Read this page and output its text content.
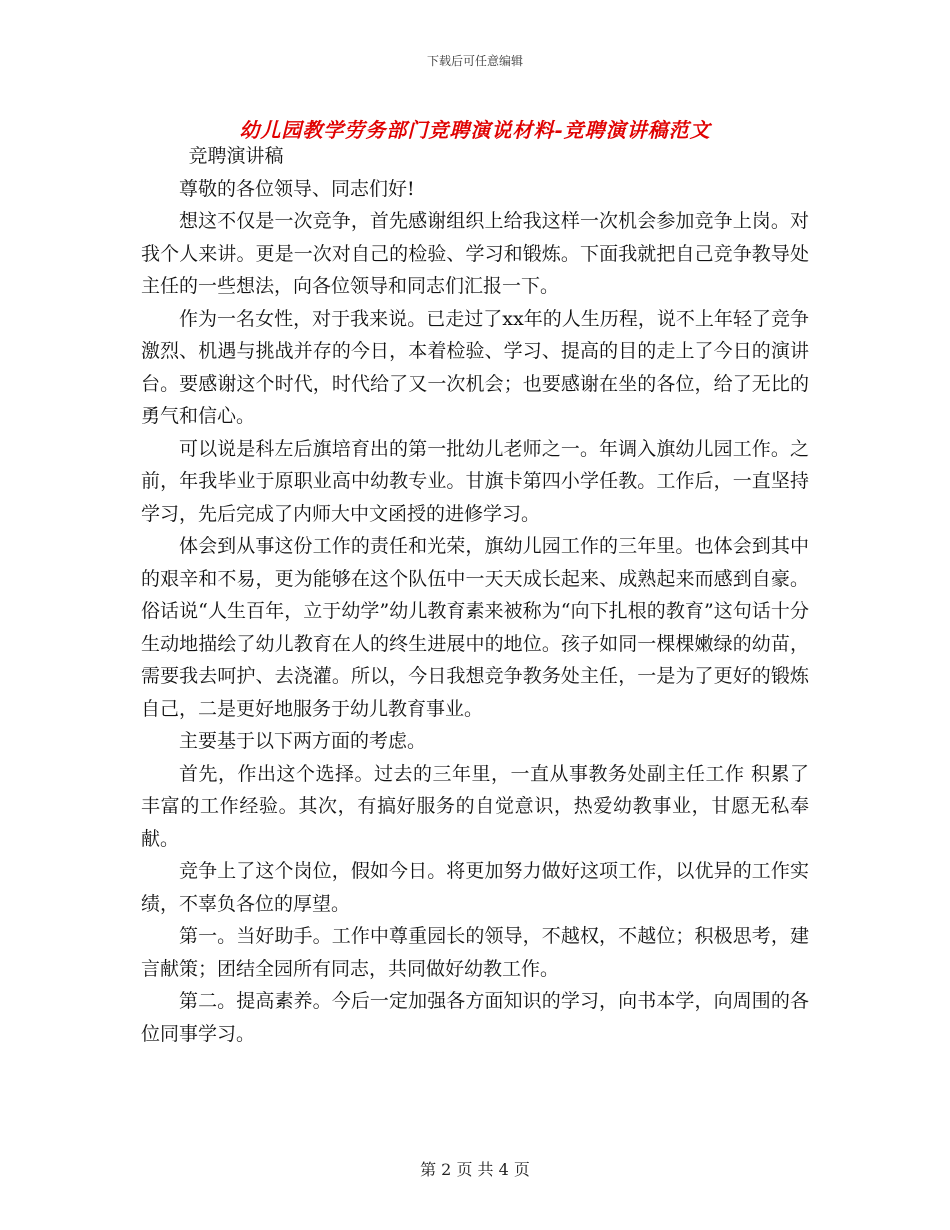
下载后可任意编辑
幼儿园教学劳务部门竞聘演说材料-竞聘演讲稿范文

竞聘演讲稿

尊敬的各位领导、同志们好!

想这不仅是一次竞争，首先感谢组织上给我这样一次机会参加竞争上岗。对我个人来讲。更是一次对自己的检验、学习和锻炼。下面我就把自己竞争教导处主任的一些想法，向各位领导和同志们汇报一下。

作为一名女性，对于我来说。已走过了xx年的人生历程，说不上年轻了竞争激烈、机遇与挑战并存的今日，本着检验、学习、提高的目的走上了今日的演讲台。要感谢这个时代，时代给了又一次机会；也要感谢在坐的各位，给了无比的勇气和信心。

可以说是科左后旗培育出的第一批幼儿老师之一。年调入旗幼儿园工作。之前，年我毕业于原职业高中幼教专业。甘旗卡第四小学任教。工作后，一直坚持学习，先后完成了内师大中文函授的进修学习。

体会到从事这份工作的责任和光荣，旗幼儿园工作的三年里。也体会到其中的艰辛和不易，更为能够在这个队伍中一天天成长起来、成熟起来而感到自豪。俗话说“人生百年，立于幼学”幼儿教育素来被称为“向下扎根的教育”这句话十分生动地描绘了幼儿教育在人的终生进展中的地位。孩子如同一棵棵嫩绿的幼苗，需要我去呵护、去浇灌。所以，今日我想竞争教务处主任，一是为了更好的锻炼自己，二是更好地服务于幼儿教育事业。

主要基于以下两方面的考虑。

首先，作出这个选择。过去的三年里，一直从事教务处副主任工作 积累了丰富的工作经验。其次，有搞好服务的自觉意识，热爱幼教事业，甘愿无私奉献。

竞争上了这个岗位，假如今日。将更加努力做好这项工作，以优异的工作实绩，不辜负各位的厚望。

第一。当好助手。工作中尊重园长的领导，不越权，不越位；积极思考，建言献策；团结全园所有同志，共同做好幼教工作。

第二。提高素养。今后一定加强各方面知识的学习，向书本学，向周围的各位同事学习。

第 2 页 共 4 页
